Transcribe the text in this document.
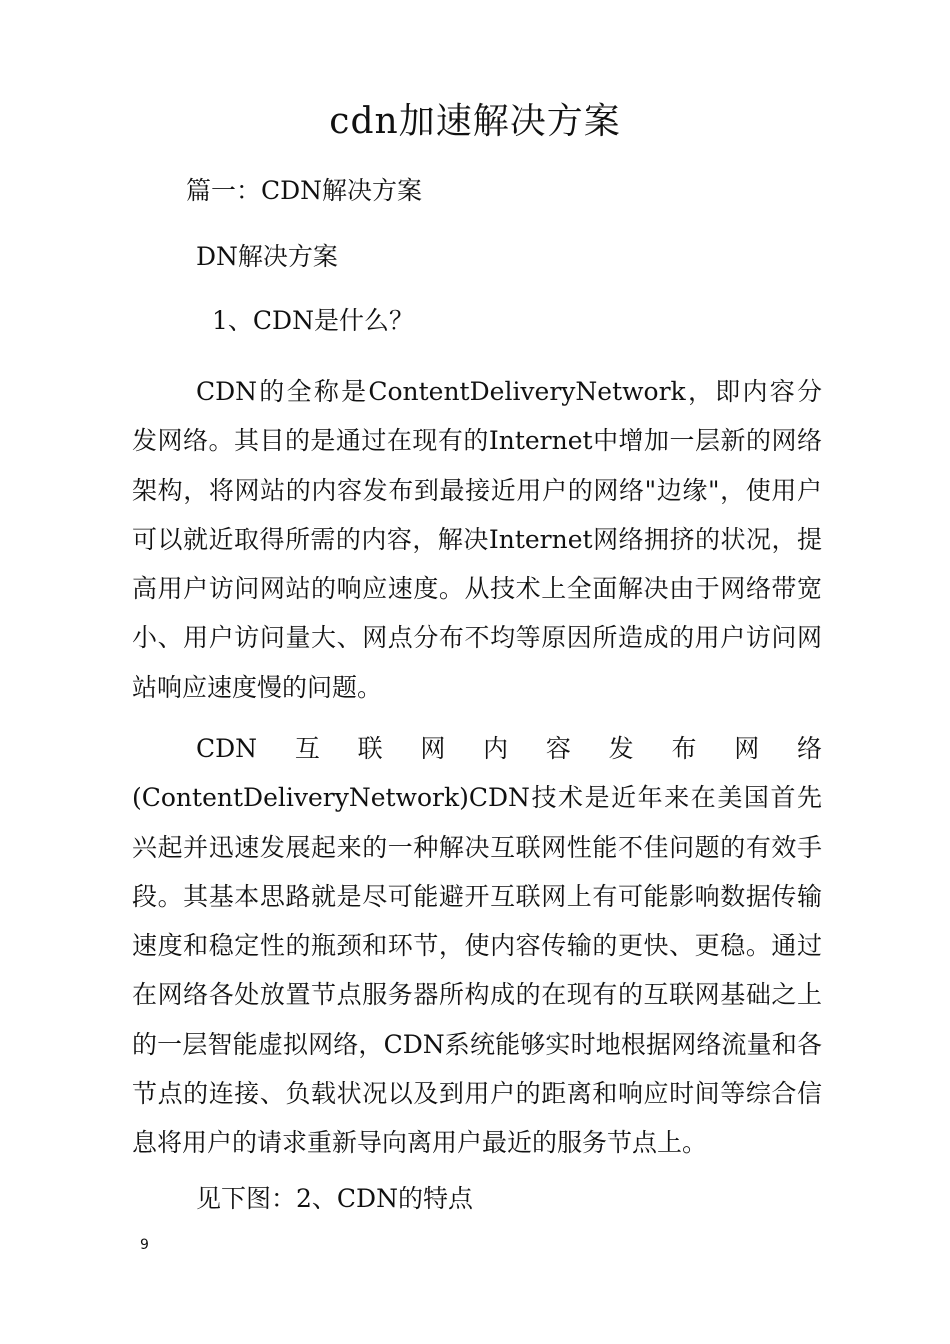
cdn加速解决方案
篇一：CDN解决方案
DN解决方案
1、CDN是什么？

CDN的全称是ContentDeliveryNetwork，即内容分发网络。其目的是通过在现有的Internet中增加一层新的网络架构，将网站的内容发布到最接近用户的网络"边缘"，使用户可以就近取得所需的内容，解决Internet网络拥挤的状况，提高用户访问网站的响应速度。从技术上全面解决由于网络带宽小、用户访问量大、网点分布不均等原因所造成的用户访问网站响应速度慢的问题。

CDN互联网内容发布网络(ContentDeliveryNetwork)CDN技术是近年来在美国首先兴起并迅速发展起来的一种解决互联网性能不佳问题的有效手段。其基本思路就是尽可能避开互联网上有可能影响数据传输速度和稳定性的瓶颈和环节，使内容传输的更快、更稳。通过在网络各处放置节点服务器所构成的在现有的互联网基础之上的一层智能虚拟网络，CDN系统能够实时地根据网络流量和各节点的连接、负载状况以及到用户的距离和响应时间等综合信息将用户的请求重新导向离用户最近的服务节点上。

见下图：2、CDN的特点
9
